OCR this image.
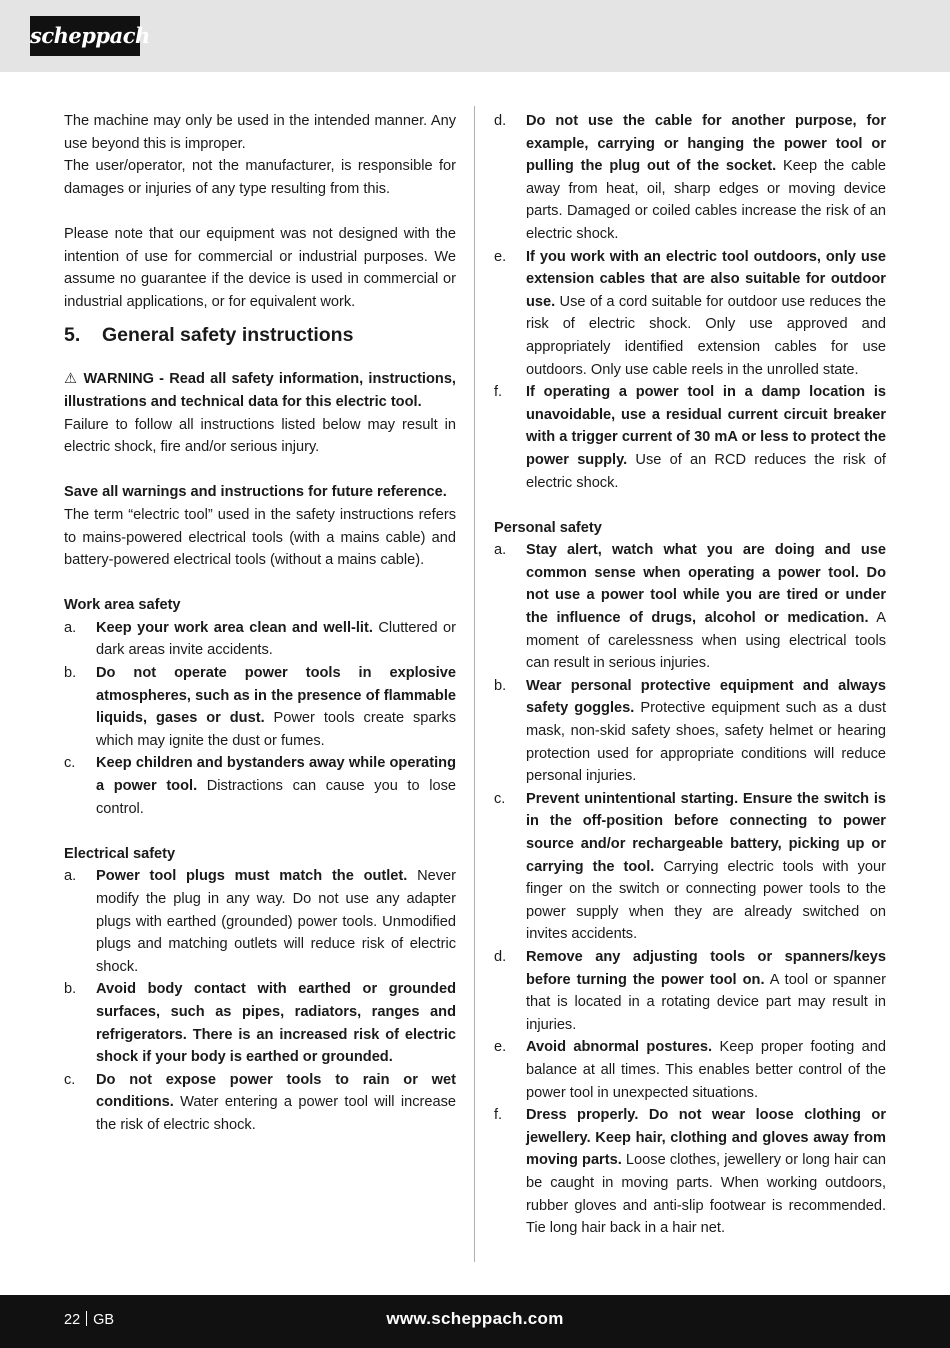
scheppach

The machine may only be used in the intended manner. Any use beyond this is improper.

The user/operator, not the manufacturer, is responsible for damages or injuries of any type resulting from this.

Please note that our equipment was not designed with the intention of use for commercial or industrial purposes. We assume no guarantee if the device is used in commercial or industrial applications, or for equivalent work.

5.	General safety instructions

⚠ WARNING - Read all safety information, instructions, illustrations and technical data for this electric tool.

Failure to follow all instructions listed below may result in electric shock, fire and/or serious injury.

Save all warnings and instructions for future reference.

The term “electric tool” used in the safety instructions refers to mains-powered electrical tools (with a mains cable) and battery-powered electrical tools (without a mains cable).

Work area safety
a.	Keep your work area clean and well-lit. Cluttered or dark areas invite accidents.
b.	Do not operate power tools in explosive atmospheres, such as in the presence of flammable liquids, gases or dust. Power tools create sparks which may ignite the dust or fumes.
c.	Keep children and bystanders away while operating a power tool. Distractions can cause you to lose control.
Electrical safety
a.	Power tool plugs must match the outlet. Never modify the plug in any way. Do not use any adapter plugs with earthed (grounded) power tools. Unmodified plugs and matching outlets will reduce risk of electric shock.
b.	Avoid body contact with earthed or grounded surfaces, such as pipes, radiators, ranges and refrigerators. There is an increased risk of electric shock if your body is earthed or grounded.
c.	Do not expose power tools to rain or wet conditions. Water entering a power tool will increase the risk of electric shock.
d.	Do not use the cable for another purpose, for example, carrying or hanging the power tool or pulling the plug out of the socket. Keep the cable away from heat, oil, sharp edges or moving device parts. Damaged or coiled cables increase the risk of an electric shock.
e.	If you work with an electric tool outdoors, only use extension cables that are also suitable for outdoor use. Use of a cord suitable for outdoor use reduces the risk of electric shock. Only use approved and appropriately identified extension cables for use outdoors. Only use cable reels in the unrolled state.
f.	If operating a power tool in a damp location is unavoidable, use a residual current circuit breaker with a trigger current of 30 mA or less to protect the power supply. Use of an RCD reduces the risk of electric shock.
Personal safety
a.	Stay alert, watch what you are doing and use common sense when operating a power tool. Do not use a power tool while you are tired or under the influence of drugs, alcohol or medication. A moment of carelessness when using electrical tools can result in serious injuries.
b.	Wear personal protective equipment and always safety goggles. Protective equipment such as a dust mask, non-skid safety shoes, safety helmet or hearing protection used for appropriate conditions will reduce personal injuries.
c.	Prevent unintentional starting. Ensure the switch is in the off-position before connecting to power source and/or rechargeable battery, picking up or carrying the tool. Carrying electric tools with your finger on the switch or connecting power tools to the power supply when they are already switched on invites accidents.
d.	Remove any adjusting tools or spanners/keys before turning the power tool on. A tool or spanner that is located in a rotating device part may result in injuries.
e.	Avoid abnormal postures. Keep proper footing and balance at all times. This enables better control of the power tool in unexpected situations.
f.	Dress properly. Do not wear loose clothing or jewellery. Keep hair, clothing and gloves away from moving parts. Loose clothes, jewellery or long hair can be caught in moving parts. When working outdoors, rubber gloves and anti-slip footwear is recommended. Tie long hair back in a hair net.
22 GB	www.scheppach.com
